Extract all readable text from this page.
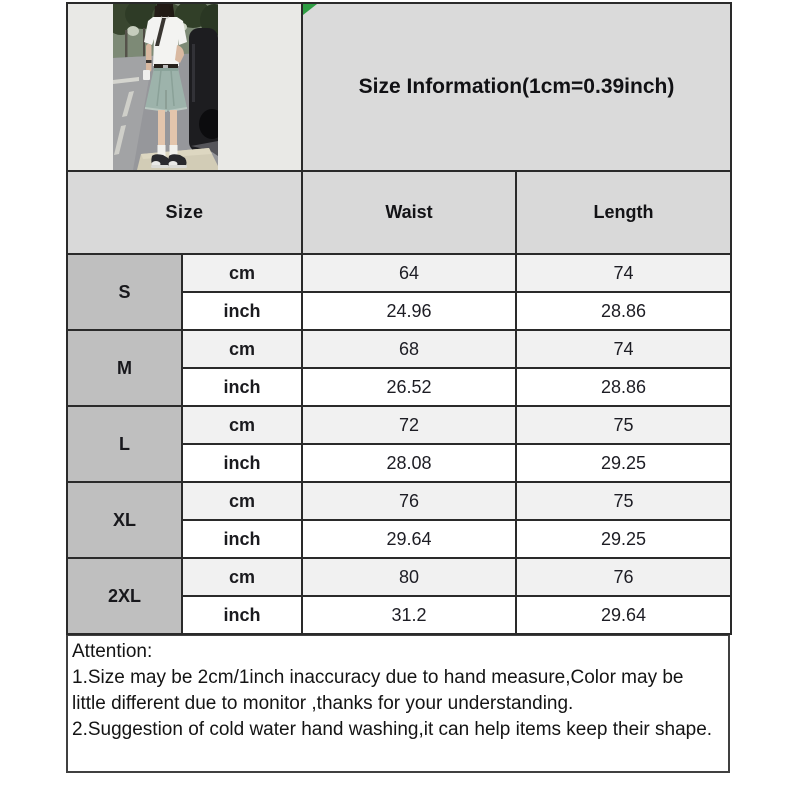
Size Information(1cm=0.39inch)	
Size		Waist	Length
S	cm	64	74
	inch	24.96	28.86
M	cm	68	74
	inch	26.52	28.86
L	cm	72	75
	inch	28.08	29.25
XL	cm	76	75
	inch	29.64	29.25
2XL	cm	80	76
	inch	31.2	29.64
Attention:
1.Size may be 2cm/1inch inaccuracy due to hand measure,Color may be little different due to monitor ,thanks for your understanding.
2.Suggestion of cold water hand washing,it can help items keep their shape.
